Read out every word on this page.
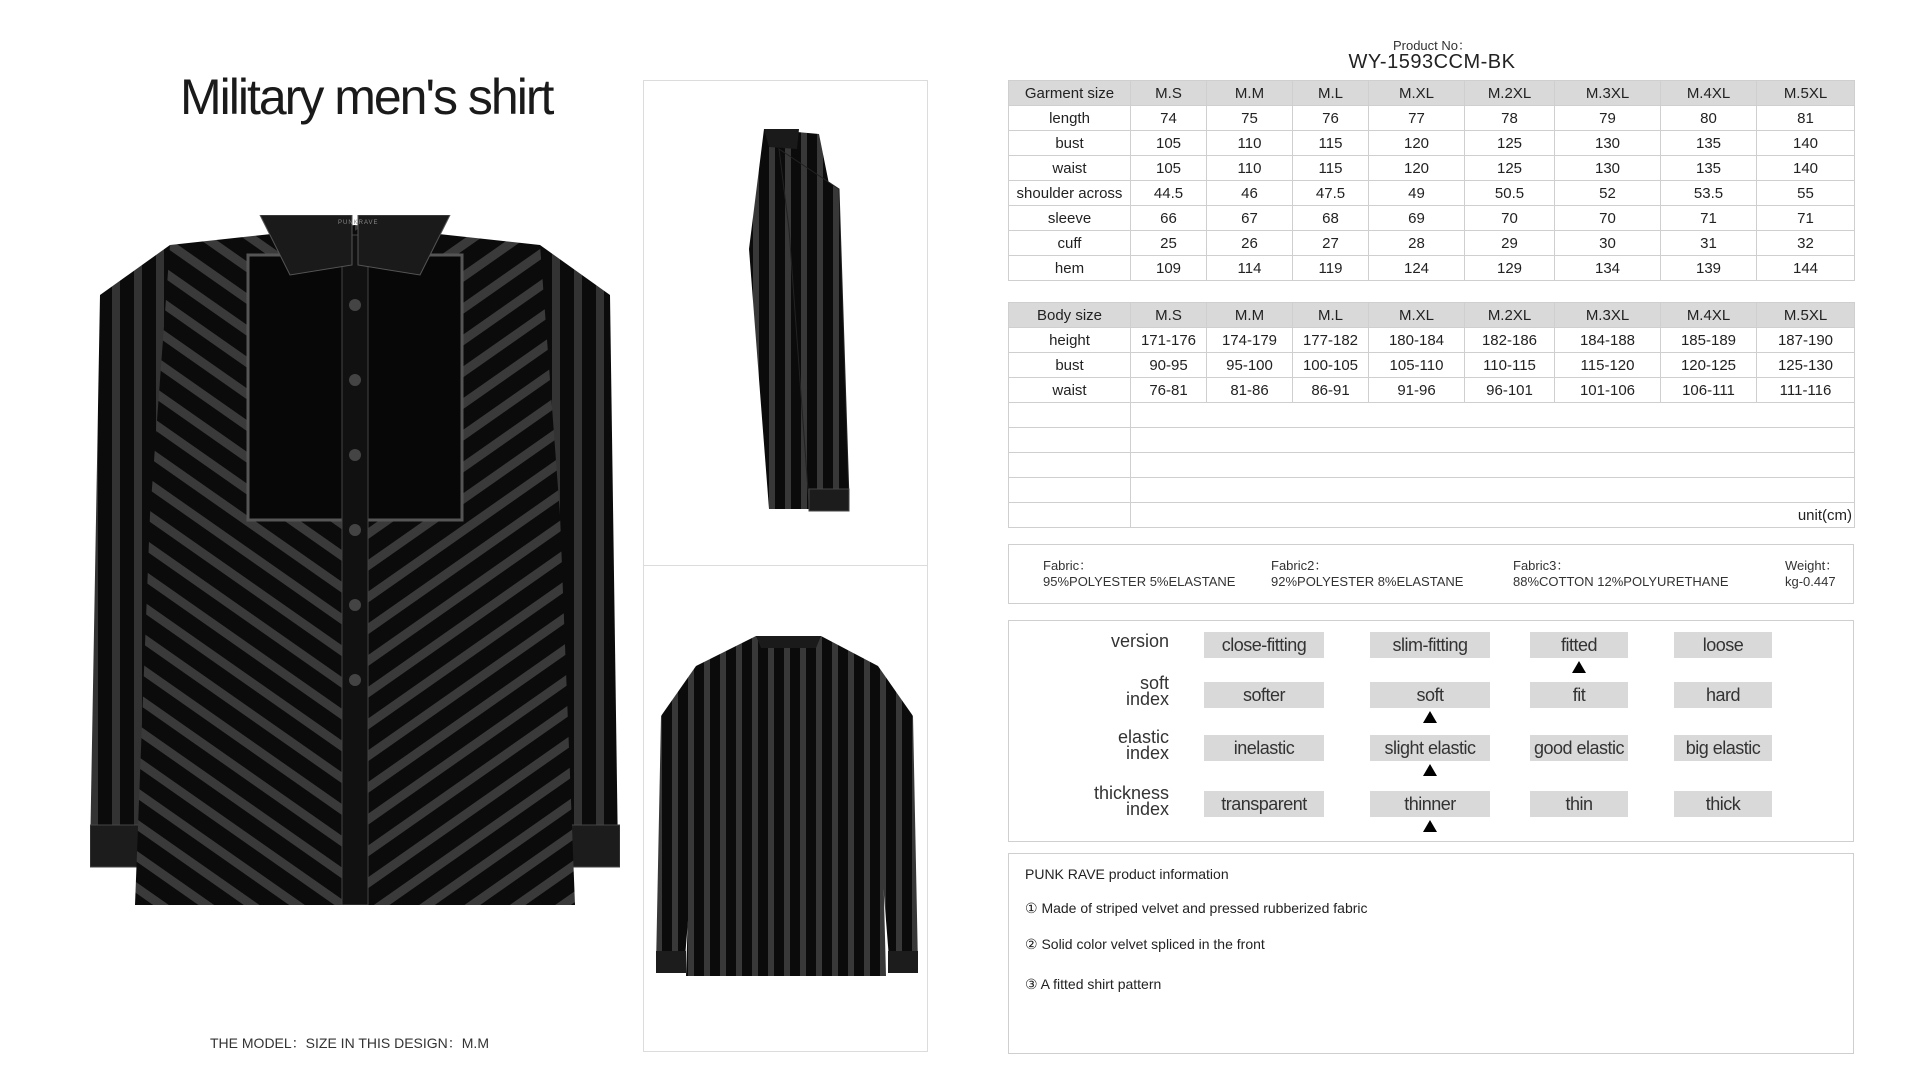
Military men's shirt
PUNKRAVE
THE MODEL：SIZE IN THIS DESIGN：M.M
Product No：
WY-1593CCM-BK
Garment size	M.S	M.M	M.L	M.XL	M.2XL	M.3XL	M.4XL	M.5XL
length	74	75	76	77	78	79	80	81
bust	105	110	115	120	125	130	135	140
waist	105	110	115	120	125	130	135	140
shoulder across	44.5	46	47.5	49	50.5	52	53.5	55
sleeve	66	67	68	69	70	70	71	71
cuff	25	26	27	28	29	30	31	32
hem	109	114	119	124	129	134	139	144

Body size	M.S	M.M	M.L	M.XL	M.2XL	M.3XL	M.4XL	M.5XL
height	171-176	174-179	177-182	180-184	182-186	184-188	185-189	187-190
bust	90-95	95-100	100-105	105-110	110-115	115-120	120-125	125-130
waist	76-81	81-86	86-91	91-96	96-101	101-106	106-111	111-116

	unit(cm)							
Fabric：
95%POLYESTER 5%ELASTANE
Fabric2：
92%POLYESTER 8%ELASTANE
Fabric3：
88%COTTON 12%POLYURETHANE
Weight：
kg-0.447
version	close-fitting	slim-fitting	fitted	loose
soft
index	softer	soft	fit	hard
elastic
index	inelastic	slight elastic	good elastic	big elastic
thickness
index	transparent	thinner	thin	thick
PUNK RAVE product information
① Made of striped velvet and pressed rubberized fabric
② Solid color velvet spliced in the front
③ A fitted shirt pattern
